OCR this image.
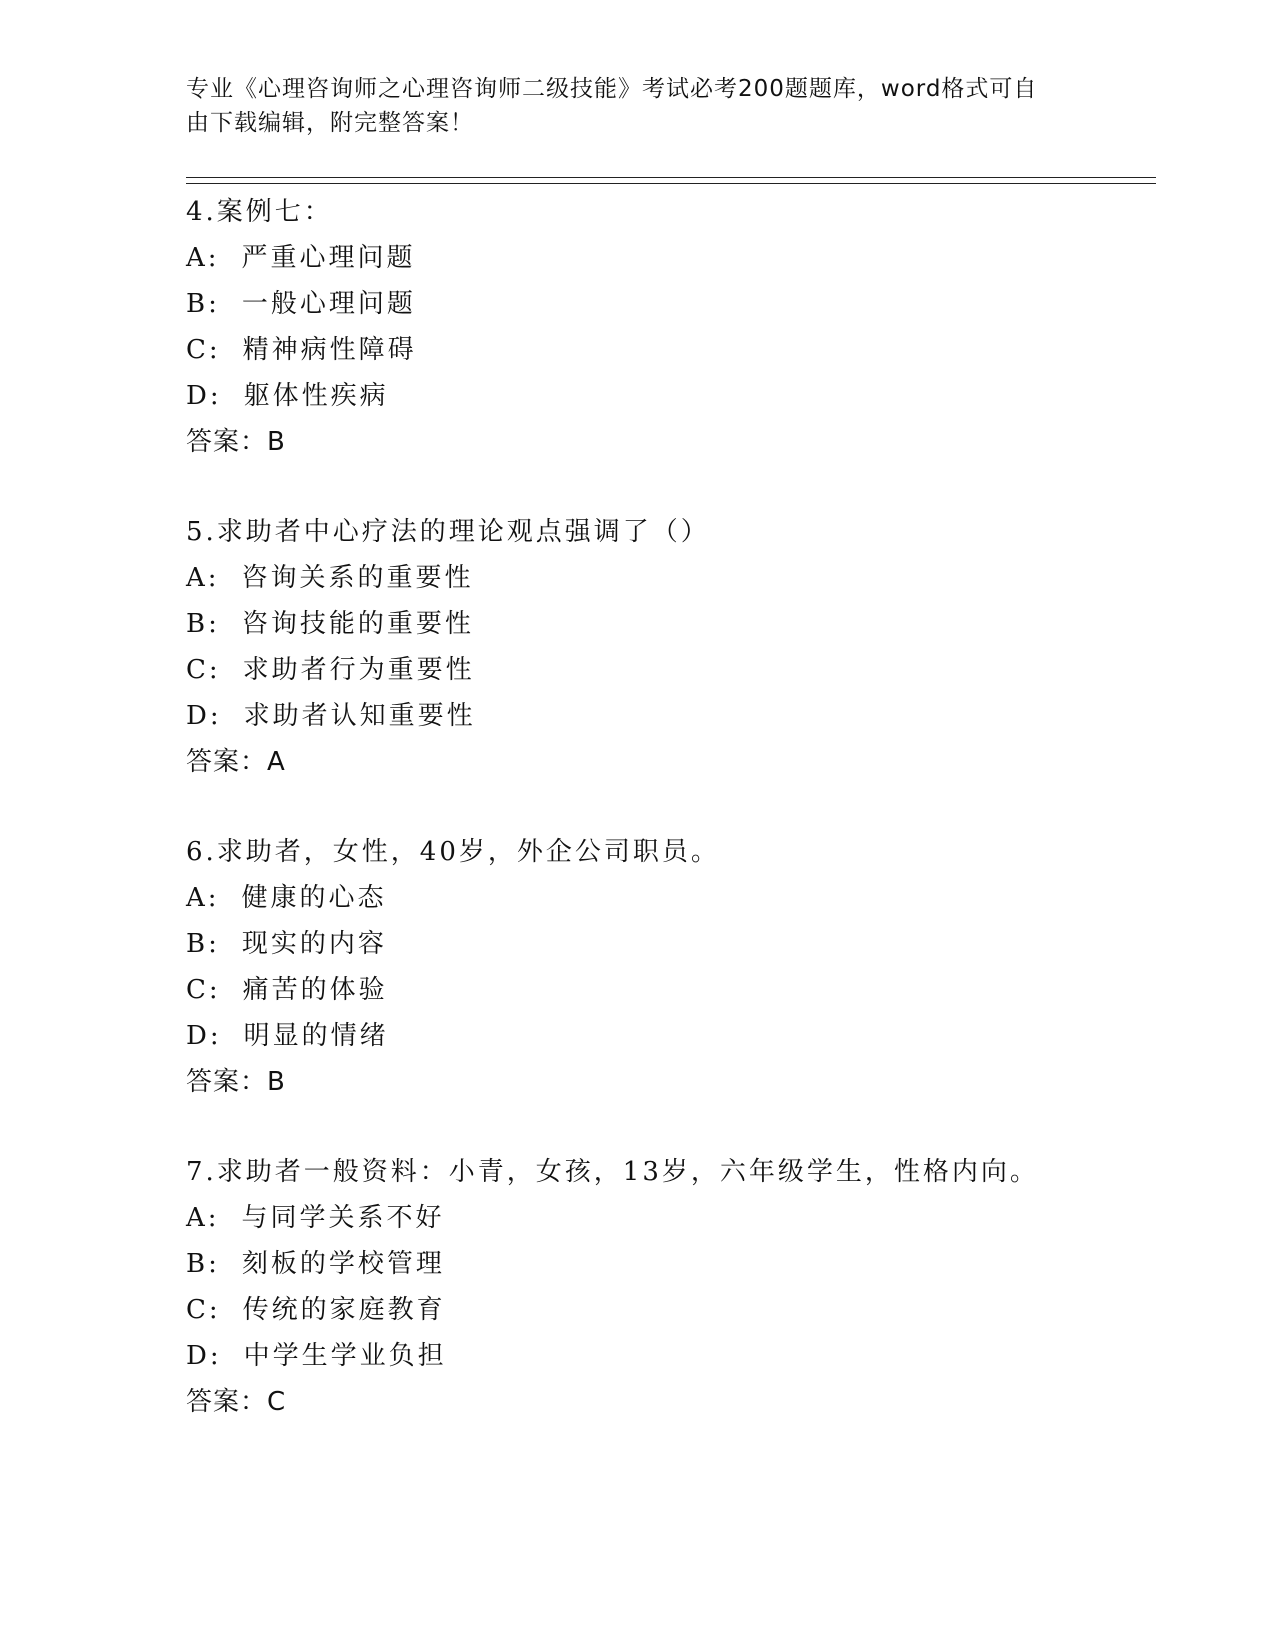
专业《心理咨询师之心理咨询师二级技能》考试必考200题题库，word格式可自
由下载编辑，附完整答案！
4.案例七：
A: 严重心理问题
B: 一般心理问题
C: 精神病性障碍
D: 躯体性疾病
答案：B
5.求助者中心疗法的理论观点强调了（）
A: 咨询关系的重要性
B: 咨询技能的重要性
C: 求助者行为重要性
D: 求助者认知重要性
答案：A
6.求助者，女性，40岁，外企公司职员。
A: 健康的心态
B: 现实的内容
C: 痛苦的体验
D: 明显的情绪
答案：B
7.求助者一般资料：小青，女孩，13岁，六年级学生，性格内向。
A: 与同学关系不好
B: 刻板的学校管理
C: 传统的家庭教育
D: 中学生学业负担
答案：C
